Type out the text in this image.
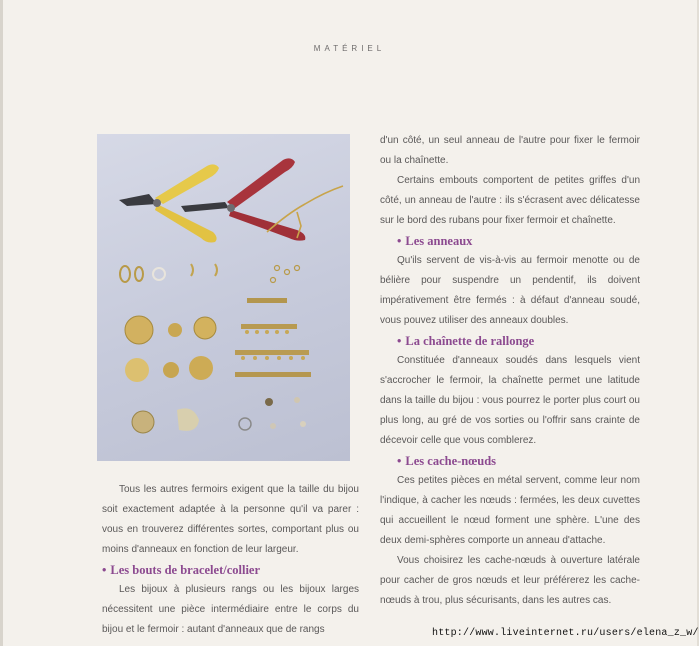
MATÉRIEL

Tous les autres fermoirs exigent que la taille du bijou soit exactement adaptée à la personne qu'il va parer : vous en trouverez différentes sortes, comportant plus ou moins d'anneaux en fonction de leur largeur.

• Les bouts de bracelet/collier

Les bijoux à plusieurs rangs ou les bijoux larges nécessitent une pièce intermédiaire entre le corps du bijou et le fermoir : autant d'anneaux que de rangs

d'un côté, un seul anneau de l'autre pour fixer le fermoir ou la chaînette.

Certains embouts comportent de petites griffes d'un côté, un anneau de l'autre : ils s'écrasent avec délicatesse sur le bord des rubans pour fixer fermoir et chaînette.

• Les anneaux

Qu'ils servent de vis-à-vis au fermoir menotte ou de bélière pour suspendre un pendentif, ils doivent impérativement être fermés : à défaut d'anneau soudé, vous pouvez utiliser des anneaux doubles.

• La chaînette de rallonge

Constituée d'anneaux soudés dans lesquels vient s'accrocher le fermoir, la chaînette permet une latitude dans la taille du bijou : vous pourrez le porter plus court ou plus long, au gré de vos sorties ou l'offrir sans crainte de décevoir celle que vous comblerez.

• Les cache-nœuds

Ces petites pièces en métal servent, comme leur nom l'indique, à cacher les nœuds : fermées, les deux cuvettes qui accueillent le nœud forment une sphère. L'une des deux demi-sphères comporte un anneau d'attache.

Vous choisirez les cache-nœuds à ouverture latérale pour cacher de gros nœuds et leur préférerez les cache-nœuds à trou, plus sécurisants, dans les autres cas.

http://www.liveinternet.ru/users/elena_z_w/
